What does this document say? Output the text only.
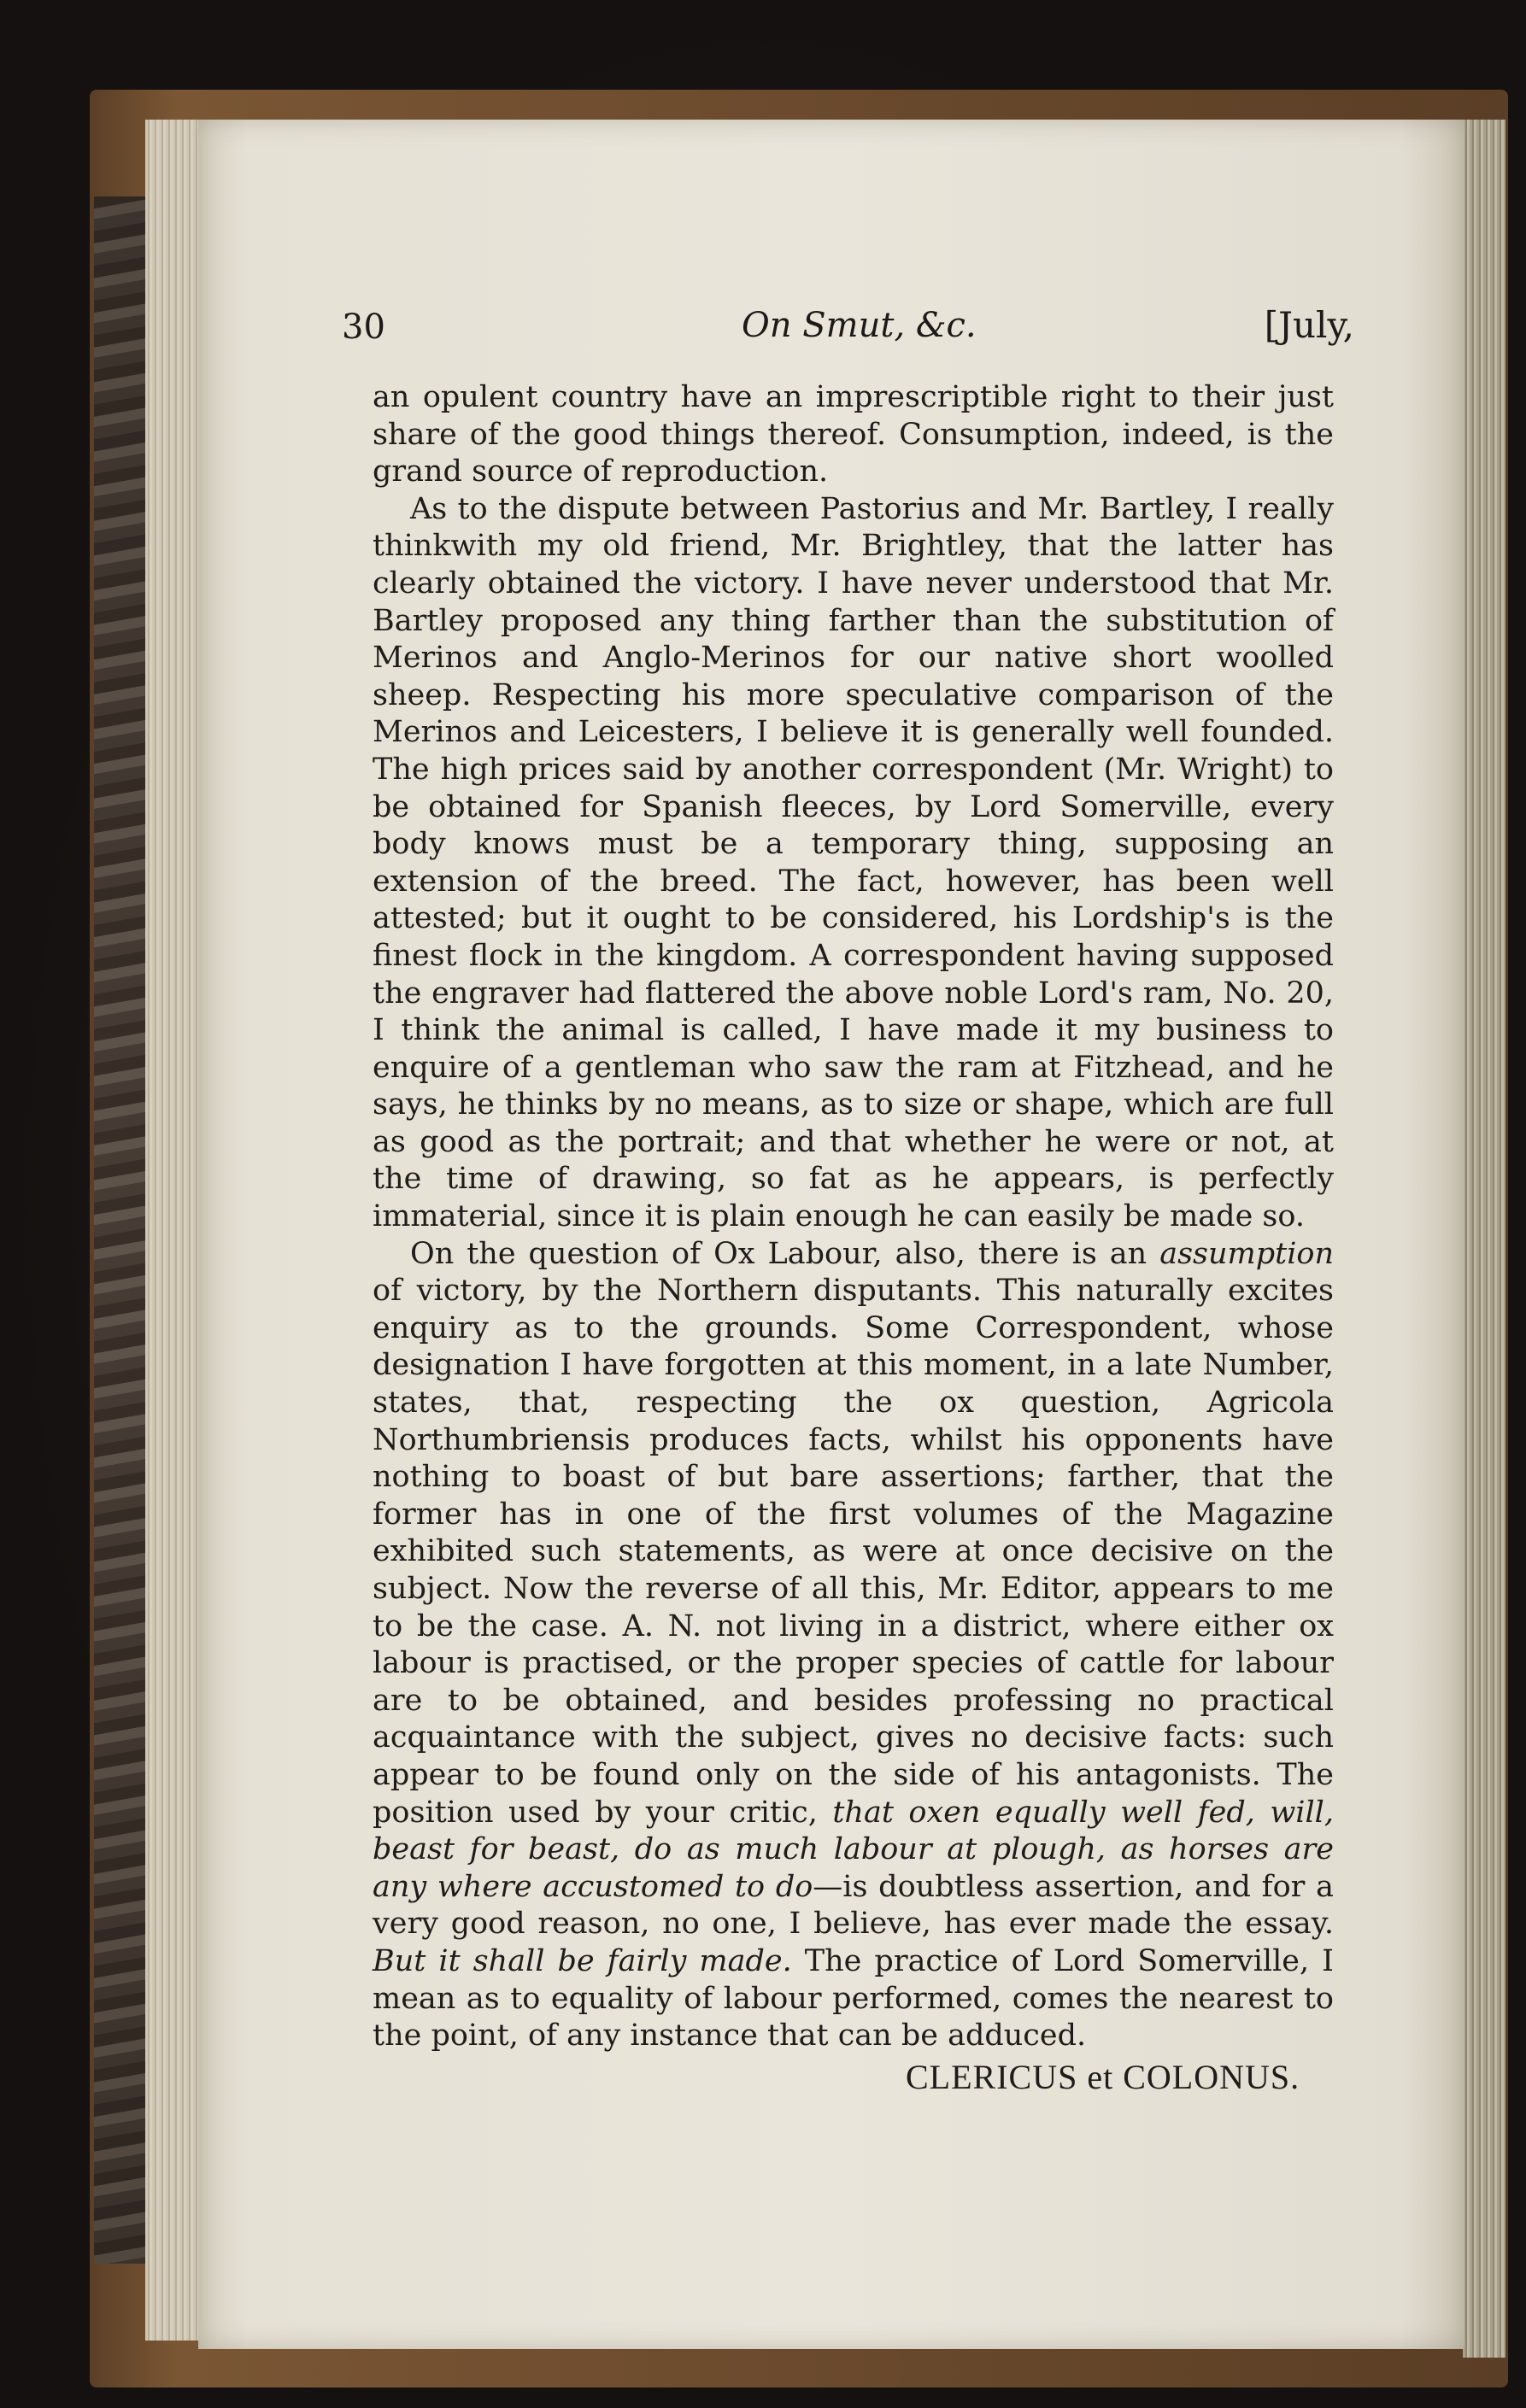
30	On Smut, &c.	[July,

an opulent country have an imprescriptible right to their just share of the good things thereof. Consumption, indeed, is the grand source of reproduction.

As to the dispute between Pastorius and Mr. Bartley, I really thinkwith my old friend, Mr. Brightley, that the latter has clearly obtained the victory. I have never understood that Mr. Bartley proposed any thing farther than the substitution of Merinos and Anglo-Merinos for our native short woolled sheep. Respecting his more speculative comparison of the Merinos and Leicesters, I believe it is generally well founded. The high prices said by another correspondent (Mr. Wright) to be obtained for Spanish fleeces, by Lord Somerville, every body knows must be a temporary thing, supposing an extension of the breed. The fact, however, has been well attested; but it ought to be considered, his Lordship's is the finest flock in the kingdom. A correspondent having supposed the engraver had flattered the above noble Lord's ram, No. 20, I think the animal is called, I have made it my business to enquire of a gentleman who saw the ram at Fitzhead, and he says, he thinks by no means, as to size or shape, which are full as good as the portrait; and that whether he were or not, at the time of drawing, so fat as he appears, is perfectly immaterial, since it is plain enough he can easily be made so.

On the question of Ox Labour, also, there is an assumption of victory, by the Northern disputants. This naturally excites enquiry as to the grounds. Some Correspondent, whose designation I have forgotten at this moment, in a late Number, states, that, respecting the ox question, Agricola Northumbriensis produces facts, whilst his opponents have nothing to boast of but bare assertions; farther, that the former has in one of the first volumes of the Magazine exhibited such statements, as were at once decisive on the subject. Now the reverse of all this, Mr. Editor, appears to me to be the case. A. N. not living in a district, where either ox labour is practised, or the proper species of cattle for labour are to be obtained, and besides professing no practical acquaintance with the subject, gives no decisive facts: such appear to be found only on the side of his antagonists. The position used by your critic, that oxen equally well fed, will, beast for beast, do as much labour at plough, as horses are any where accustomed to do—is doubtless assertion, and for a very good reason, no one, I believe, has ever made the essay. But it shall be fairly made. The practice of Lord Somerville, I mean as to equality of labour performed, comes the nearest to the point, of any instance that can be adduced.

CLERICUS et COLONUS.
